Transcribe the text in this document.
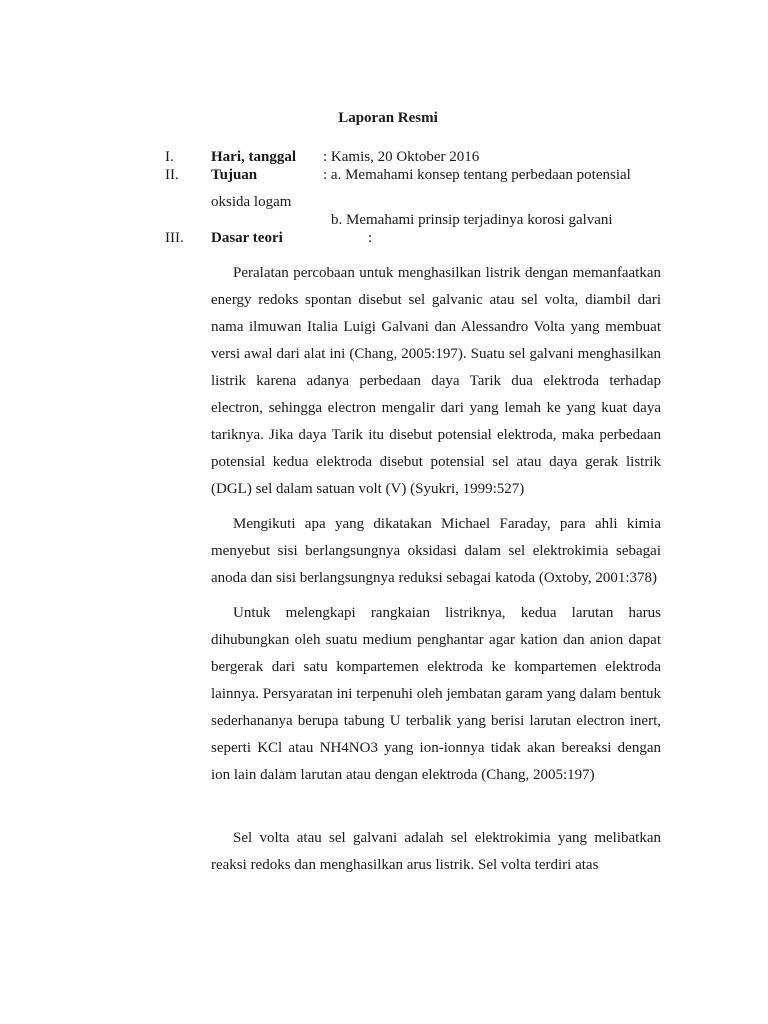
Laporan Resmi
I. Hari, tanggal : Kamis, 20 Oktober 2016
II. Tujuan	: a. Memahami konsep tentang perbedaan potensial
oksida logam
b. Memahami prinsip terjadinya korosi galvani
III. Dasar teori	:

Peralatan percobaan untuk menghasilkan listrik dengan memanfaatkan energy redoks spontan disebut sel galvanic atau sel volta, diambil dari nama ilmuwan Italia Luigi Galvani dan Alessandro Volta yang membuat versi awal dari alat ini (Chang, 2005:197). Suatu sel galvani menghasilkan listrik karena adanya perbedaan daya Tarik dua elektroda terhadap electron, sehingga electron mengalir dari yang lemah ke yang kuat daya tariknya. Jika daya Tarik itu disebut potensial elektroda, maka perbedaan potensial kedua elektroda disebut potensial sel atau daya gerak listrik (DGL) sel dalam satuan volt (V) (Syukri, 1999:527)

Mengikuti apa yang dikatakan Michael Faraday, para ahli kimia menyebut sisi berlangsungnya oksidasi dalam sel elektrokimia sebagai anoda dan sisi berlangsungnya reduksi sebagai katoda (Oxtoby, 2001:378)

Untuk melengkapi rangkaian listriknya, kedua larutan harus dihubungkan oleh suatu medium penghantar agar kation dan anion dapat bergerak dari satu kompartemen elektroda ke kompartemen elektroda lainnya. Persyaratan ini terpenuhi oleh jembatan garam yang dalam bentuk sederhananya berupa tabung U terbalik yang berisi larutan electron inert, seperti KCl atau NH4NO3 yang ion-ionnya tidak akan bereaksi dengan ion lain dalam larutan atau dengan elektroda (Chang, 2005:197)

Sel volta atau sel galvani adalah sel elektrokimia yang melibatkan reaksi redoks dan menghasilkan arus listrik. Sel volta terdiri atas
